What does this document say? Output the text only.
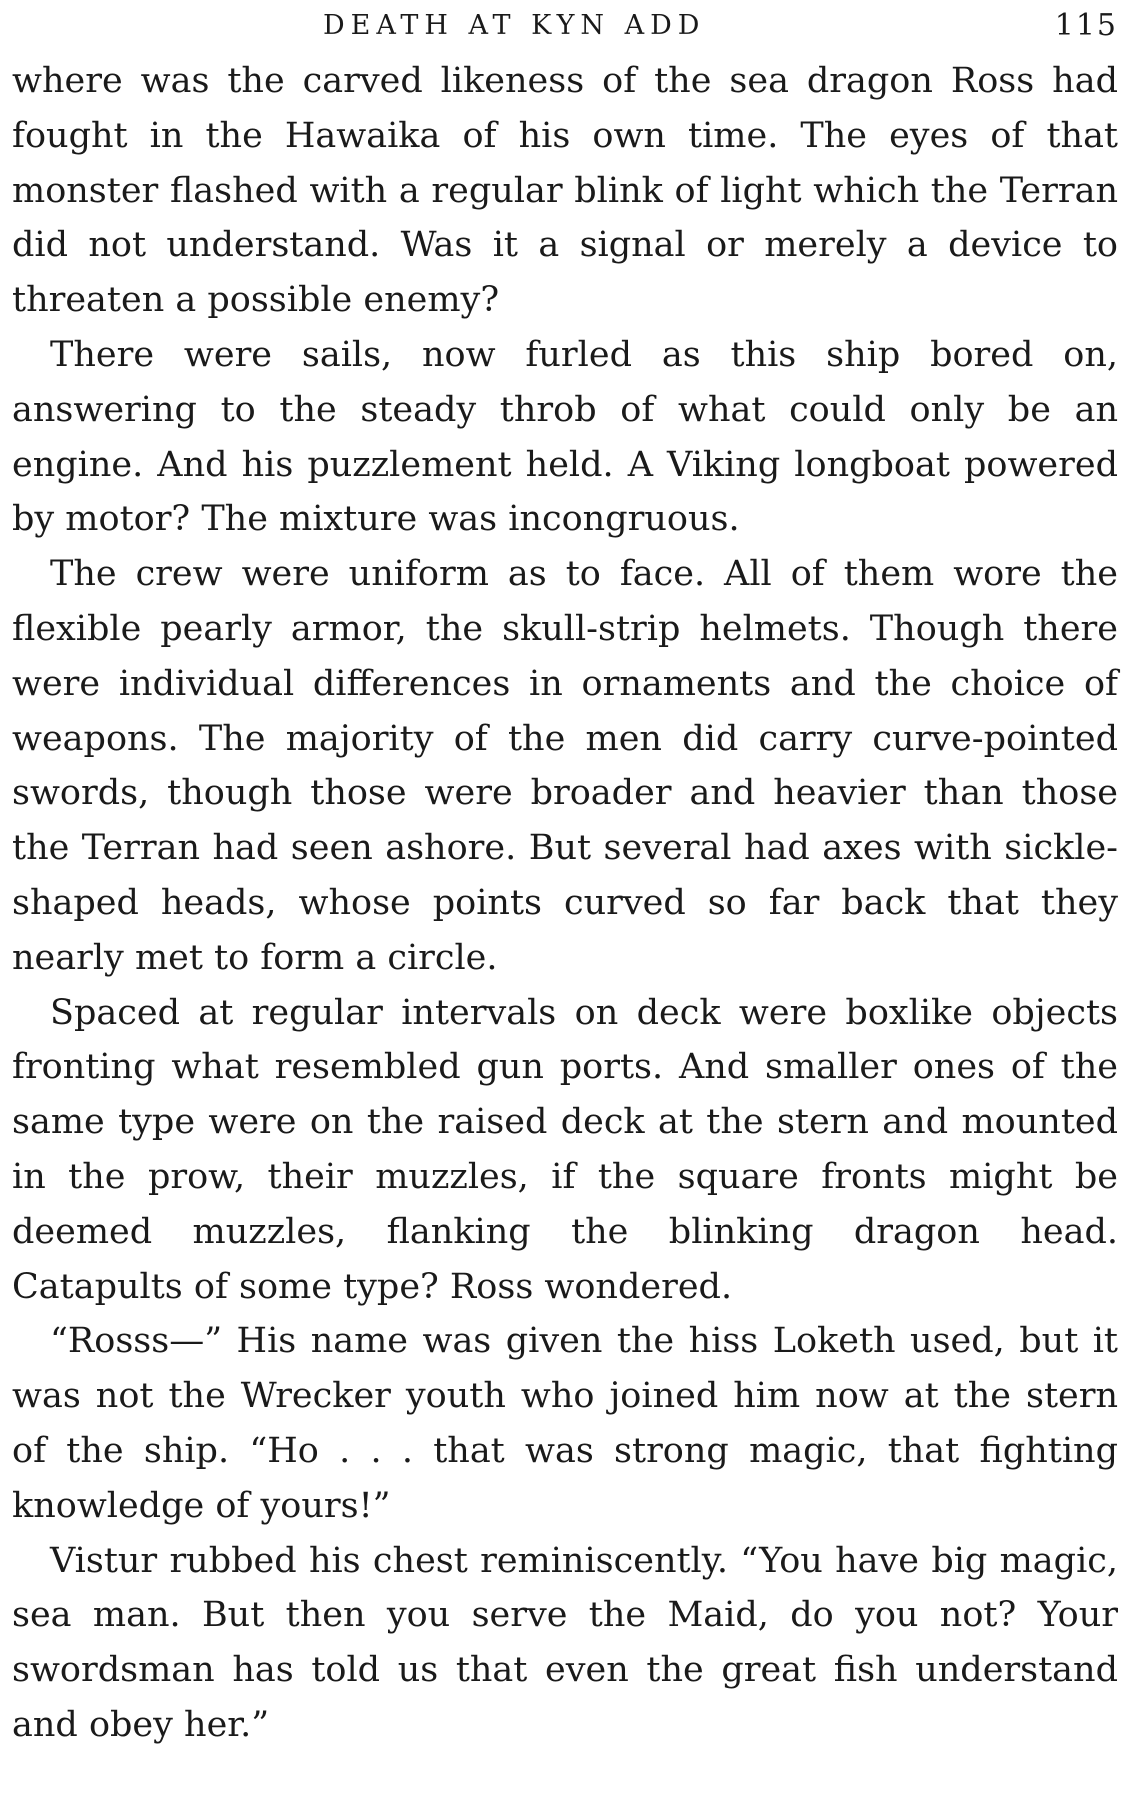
DEATH AT KYN ADD	115

where was the carved likeness of the sea dragon Ross had fought in the Hawaika of his own time. The eyes of that monster flashed with a regular blink of light which the Terran did not understand. Was it a signal or merely a device to threaten a possible enemy?

There were sails, now furled as this ship bored on, answering to the steady throb of what could only be an engine. And his puzzlement held. A Viking longboat powered by motor? The mixture was incongruous.

The crew were uniform as to face. All of them wore the flexible pearly armor, the skull-strip helmets. Though there were individual differences in ornaments and the choice of weapons. The majority of the men did carry curve-pointed swords, though those were broader and heavier than those the Terran had seen ashore. But several had axes with sickle-shaped heads, whose points curved so far back that they nearly met to form a circle.

Spaced at regular intervals on deck were boxlike objects fronting what resembled gun ports. And smaller ones of the same type were on the raised deck at the stern and mounted in the prow, their muzzles, if the square fronts might be deemed muzzles, flanking the blinking dragon head. Catapults of some type? Ross wondered.

“Rosss—” His name was given the hiss Loketh used, but it was not the Wrecker youth who joined him now at the stern of the ship. “Ho . . . that was strong magic, that fighting knowledge of yours!”

Vistur rubbed his chest reminiscently. “You have big magic, sea man. But then you serve the Maid, do you not? Your swordsman has told us that even the great fish understand and obey her.”
